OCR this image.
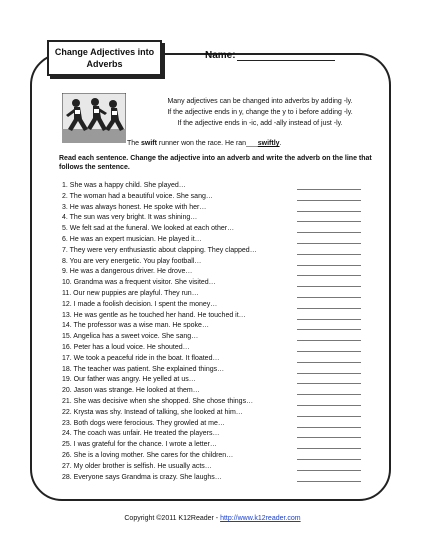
Change Adjectives into Adverbs
Name:
Many adjectives can be changed into adverbs by adding -ly.
If the adjective ends in y, change the y to i before adding -ly.
If the adjective ends in -ic, add -ally instead of just -ly.
The swift runner won the race. He ran___swiftly.
Read each sentence. Change the adjective into an adverb and write the adverb on the line that follows the sentence.
1. She was a happy child. She played…
2. The woman had a beautiful voice. She sang…
3. He was always honest. He spoke with her…
4. The sun was very bright. It was shining…
5. We felt sad at the funeral. We looked at each other…
6. He was an expert musician. He played it…
7. They were very enthusiastic about clapping. They clapped…
8. You are very energetic. You play football…
9. He was a dangerous driver. He drove…
10. Grandma was a frequent visitor. She visited…
11. Our new puppies are playful. They run…
12. I made a foolish decision. I spent the money…
13. He was gentle as he touched her hand. He touched it…
14. The professor was a wise man. He spoke…
15. Angelica has a sweet voice. She sang…
16. Peter has a loud voice. He shouted…
17. We took a peaceful ride in the boat. It floated…
18. The teacher was patient. She explained things…
19. Our father was angry. He yelled at us…
20. Jason was strange. He looked at them…
21. She was decisive when she shopped. She chose things…
22. Krysta was shy. Instead of talking, she looked at him…
23. Both dogs were ferocious. They growled at me…
24. The coach was unfair. He treated the players…
25. I was grateful for the chance. I wrote a letter…
26. She is a loving mother. She cares for the children…
27. My older brother is selfish. He usually acts…
28. Everyone says Grandma is crazy. She laughs…
Copyright ©2011 K12Reader - http://www.k12reader.com
